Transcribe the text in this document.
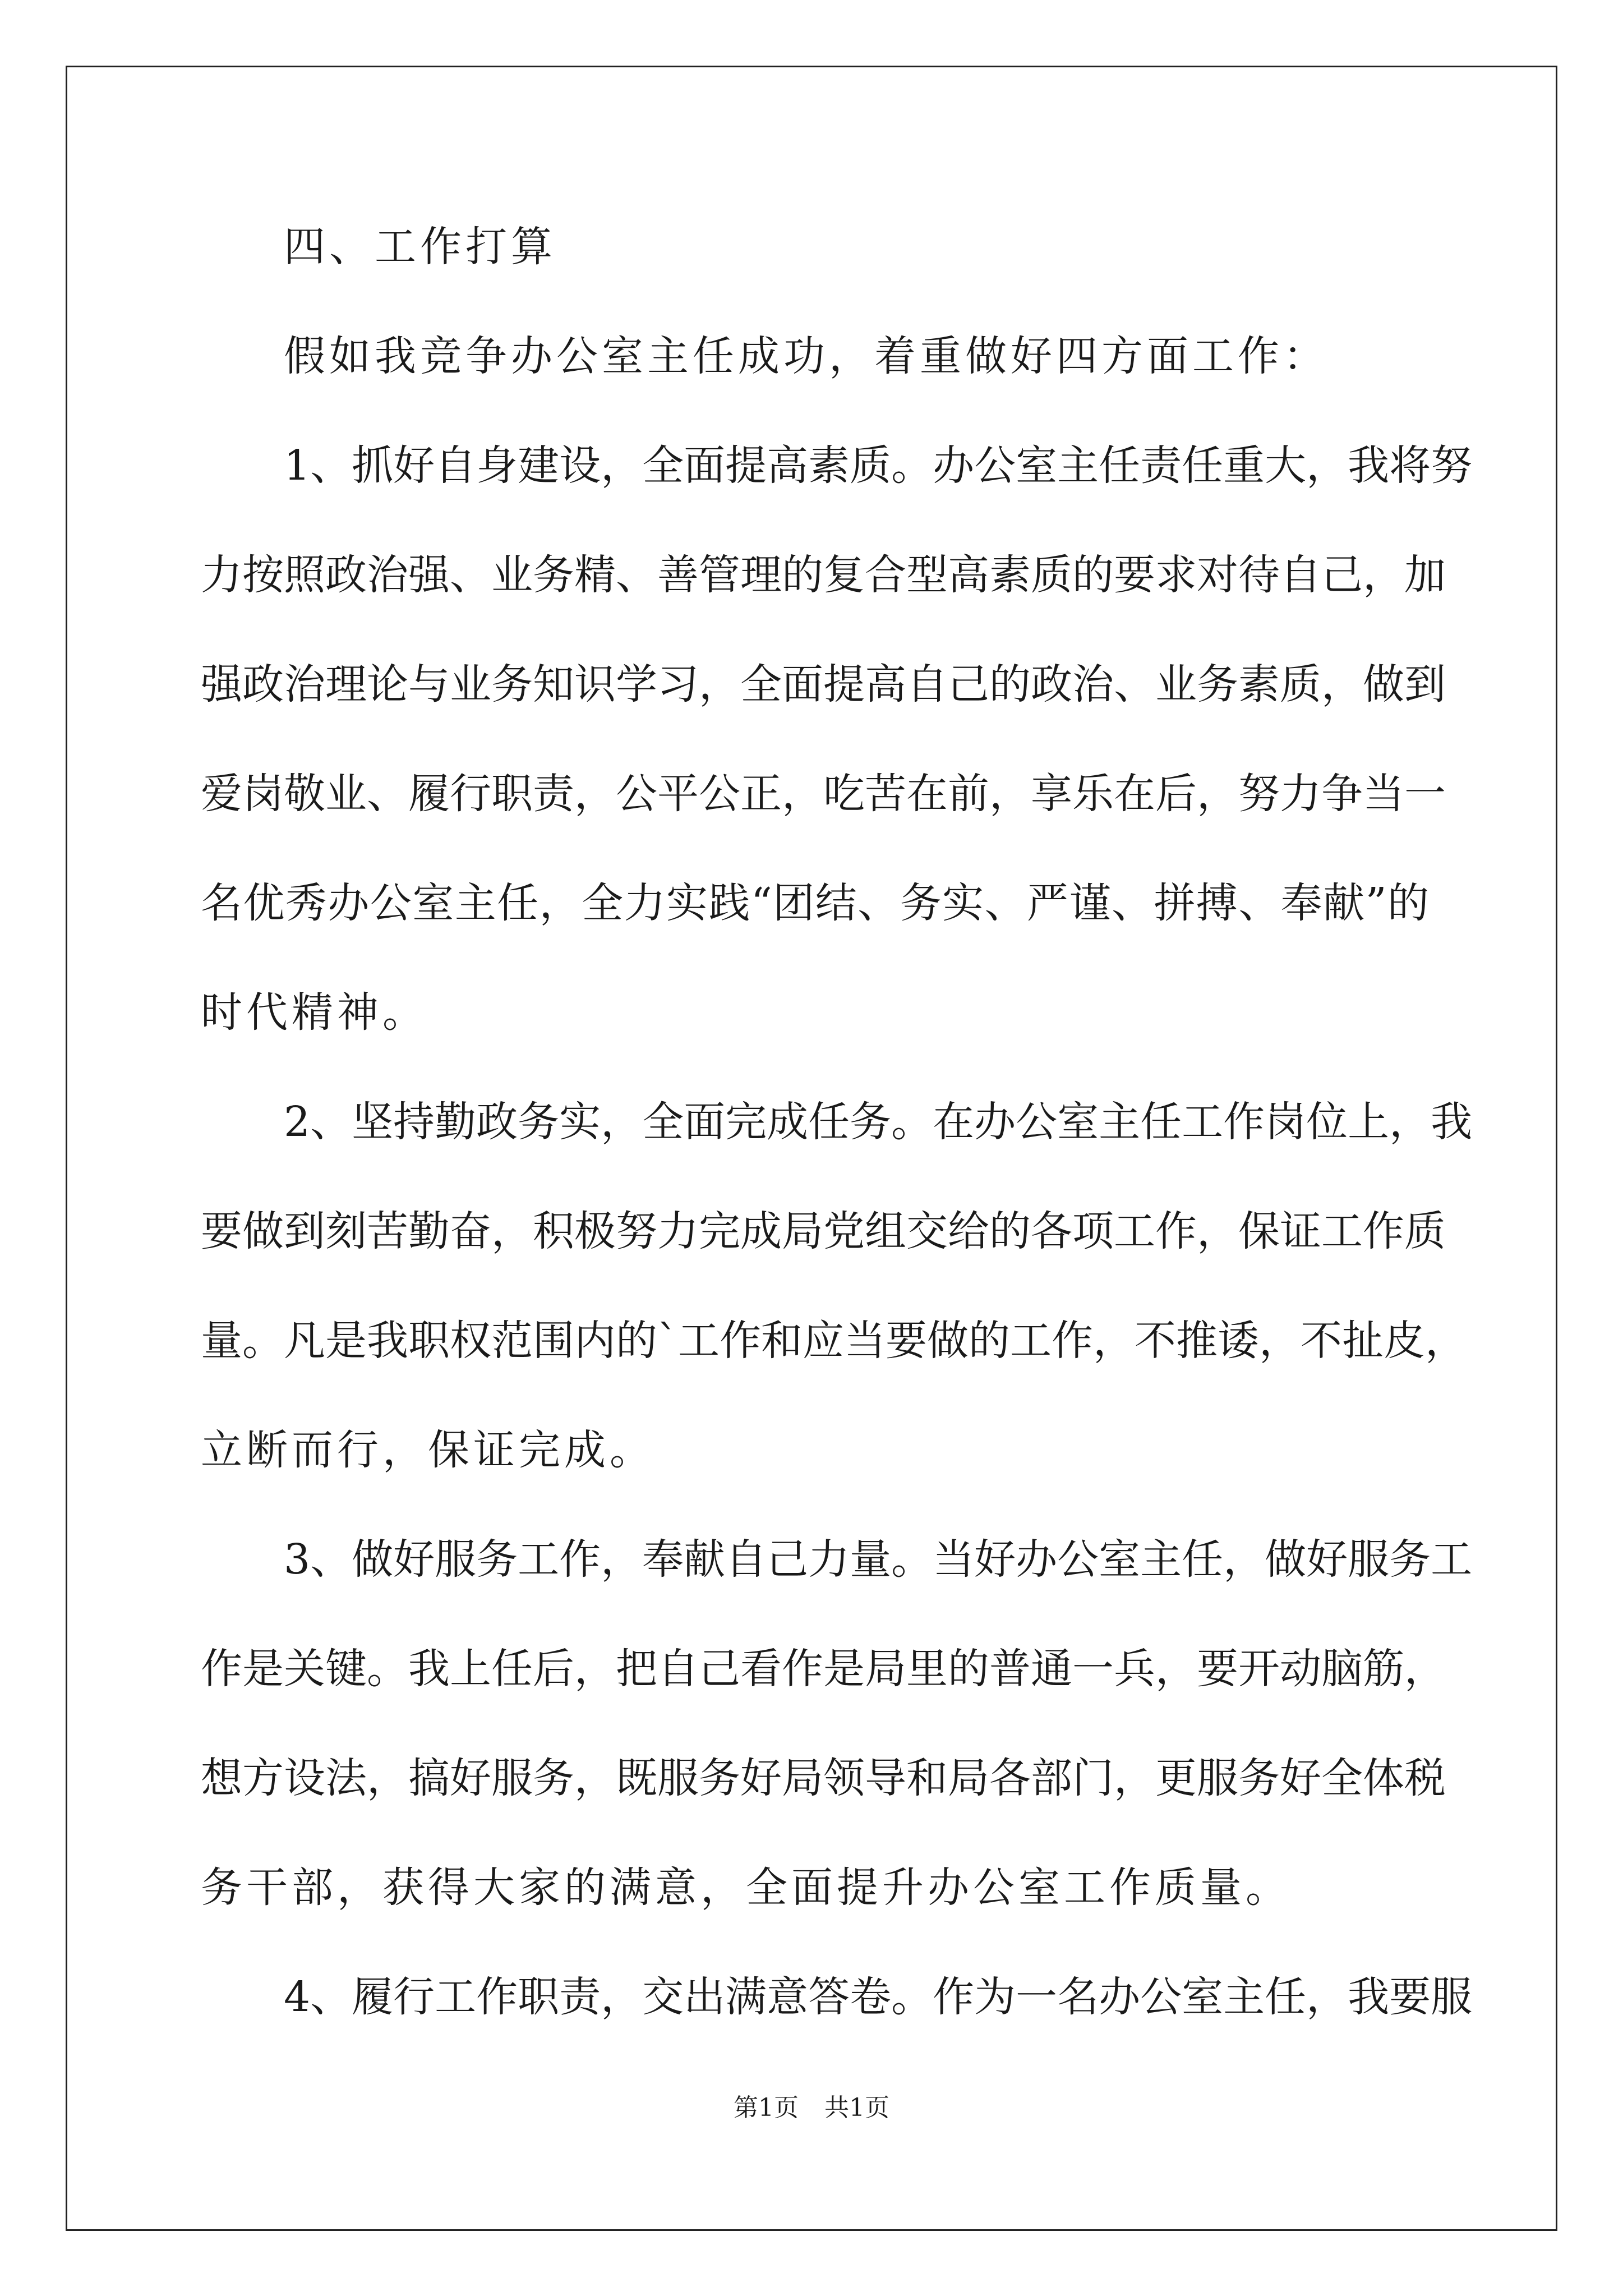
四、工作打算
假如我竞争办公室主任成功，着重做好四方面工作：
1、抓好自身建设，全面提高素质。办公室主任责任重大，我将努
力按照政治强、业务精、善管理的复合型高素质的要求对待自己，加
强政治理论与业务知识学习，全面提高自己的政治、业务素质，做到
爱岗敬业、履行职责，公平公正，吃苦在前，享乐在后，努力争当一
名优秀办公室主任，全力实践“团结、务实、严谨、拼搏、奉献”的
时代精神。
2、坚持勤政务实，全面完成任务。在办公室主任工作岗位上，我
要做到刻苦勤奋，积极努力完成局党组交给的各项工作，保证工作质
量。凡是我职权范围内的`工作和应当要做的工作，不推诿，不扯皮，
立断而行，保证完成。
3、做好服务工作，奉献自己力量。当好办公室主任，做好服务工
作是关键。我上任后，把自己看作是局里的普通一兵，要开动脑筋，
想方设法，搞好服务，既服务好局领导和局各部门，更服务好全体税
务干部，获得大家的满意，全面提升办公室工作质量。
4、履行工作职责，交出满意答卷。作为一名办公室主任，我要服
第1页 共1页
